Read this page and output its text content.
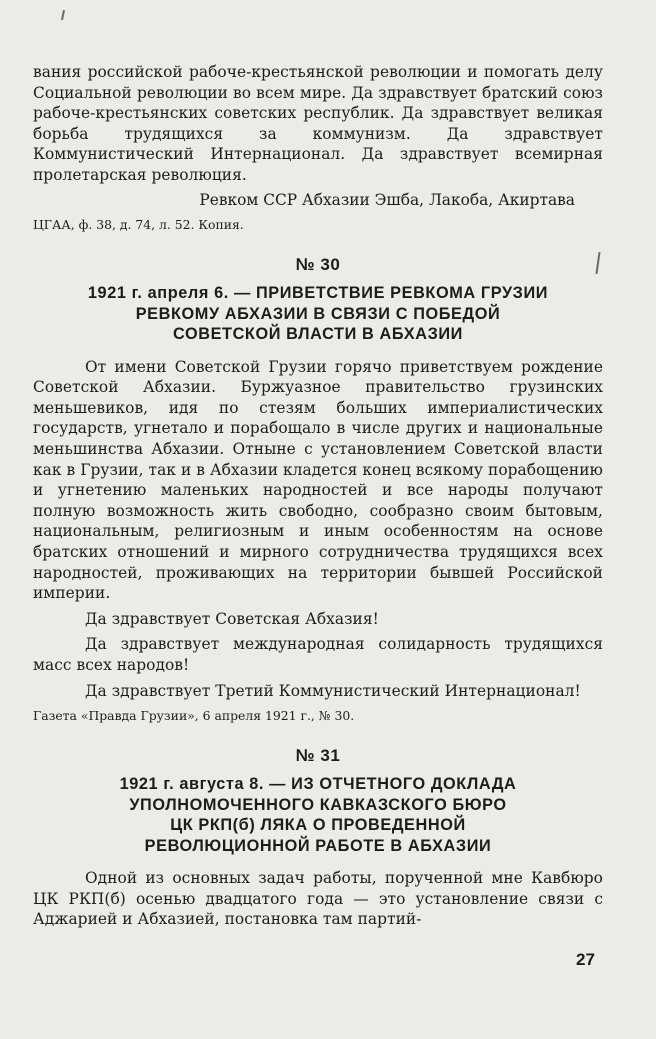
вания российской рабоче-крестьянской революции и помогать делу Социальной революции во всем мире. Да здравствует братский союз рабоче-крестьянских советских республик. Да здравствует великая борьба трудящихся за коммунизм. Да здравствует Коммунистический Интернационал. Да здравствует всемирная пролетарская революция.

Ревком ССР Абхазии Эшба, Лакоба, Акиртава

ЦГАА, ф. 38, д. 74, л. 52. Копия.

№ 30
1921 г. апреля 6. — ПРИВЕТСТВИЕ РЕВКОМА ГРУЗИИ
РЕВКОМУ АБХАЗИИ В СВЯЗИ С ПОБЕДОЙ
СОВЕТСКОЙ ВЛАСТИ В АБХАЗИИ

От имени Советской Грузии горячо приветствуем рождение Советской Абхазии. Буржуазное правительство грузинских меньшевиков, идя по стезям больших империалистических государств, угнетало и порабощало в числе других и национальные меньшинства Абхазии. Отныне с установлением Советской власти как в Грузии, так и в Абхазии кладется конец всякому порабощению и угнетению маленьких народностей и все народы получают полную возможность жить свободно, сообразно своим бытовым, национальным, религиозным и иным особенностям на основе братских отношений и мирного сотрудничества трудящихся всех народностей, проживающих на территории бывшей Российской империи.

Да здравствует Советская Абхазия!

Да здравствует международная солидарность трудящихся масс всех народов!

Да здравствует Третий Коммунистический Интернационал!

Газета «Правда Грузии», 6 апреля 1921 г., № 30.

№ 31
1921 г. августа 8. — ИЗ ОТЧЕТНОГО ДОКЛАДА
УПОЛНОМОЧЕННОГО КАВКАЗСКОГО БЮРО
ЦК РКП(б) ЛЯКА О ПРОВЕДЕННОЙ
РЕВОЛЮЦИОННОЙ РАБОТЕ В АБХАЗИИ

Одной из основных задач работы, порученной мне Кавбюро ЦК РКП(б) осенью двадцатого года — это установление связи с Аджарией и Абхазией, постановка там партий-

27
